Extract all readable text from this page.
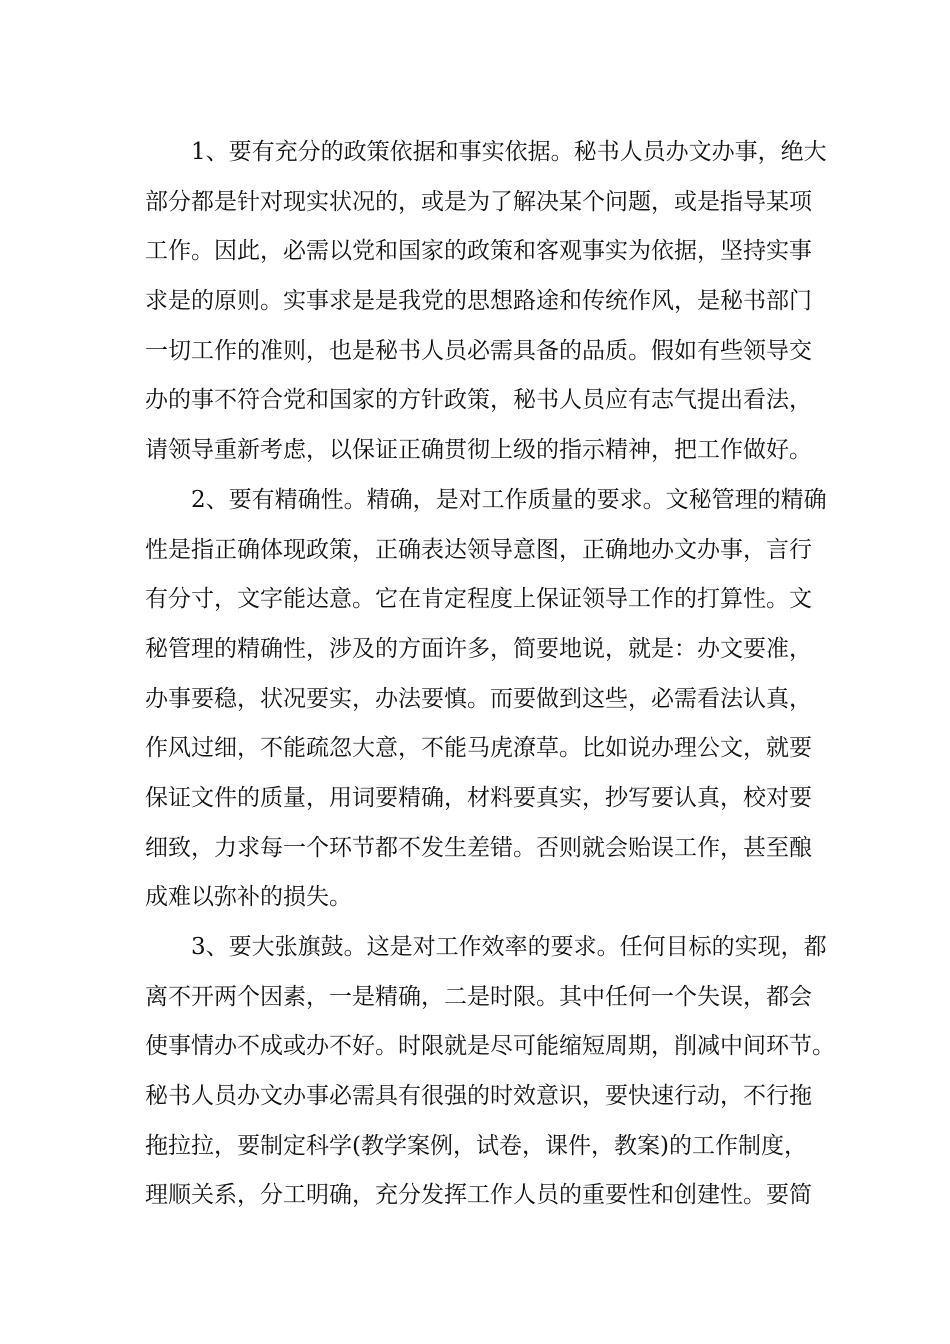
1、要有充分的政策依据和事实依据。秘书人员办文办事，绝大
部分都是针对现实状况的，或是为了解决某个问题，或是指导某项
工作。因此，必需以党和国家的政策和客观事实为依据，坚持实事
求是的原则。实事求是是我党的思想路途和传统作风，是秘书部门
一切工作的准则，也是秘书人员必需具备的品质。假如有些领导交
办的事不符合党和国家的方针政策，秘书人员应有志气提出看法，
请领导重新考虑，以保证正确贯彻上级的指示精神，把工作做好。
2、要有精确性。精确，是对工作质量的要求。文秘管理的精确
性是指正确体现政策，正确表达领导意图，正确地办文办事，言行
有分寸，文字能达意。它在肯定程度上保证领导工作的打算性。文
秘管理的精确性，涉及的方面许多，简要地说，就是：办文要准，
办事要稳，状况要实，办法要慎。而要做到这些，必需看法认真，
作风过细，不能疏忽大意，不能马虎潦草。比如说办理公文，就要
保证文件的质量，用词要精确，材料要真实，抄写要认真，校对要
细致，力求每一个环节都不发生差错。否则就会贻误工作，甚至酿
成难以弥补的损失。
3、要大张旗鼓。这是对工作效率的要求。任何目标的实现，都
离不开两个因素，一是精确，二是时限。其中任何一个失误，都会
使事情办不成或办不好。时限就是尽可能缩短周期，削减中间环节。
秘书人员办文办事必需具有很强的时效意识，要快速行动，不行拖
拖拉拉，要制定科学(教学案例，试卷，课件，教案)的工作制度，
理顺关系，分工明确，充分发挥工作人员的重要性和创建性。要简
